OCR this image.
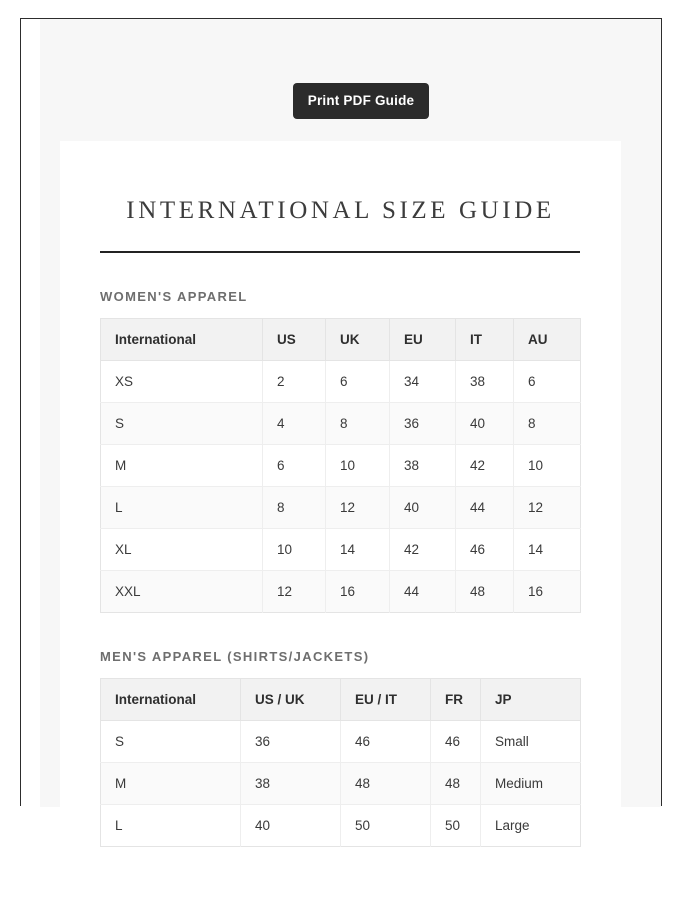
Print PDF Guide
INTERNATIONAL SIZE GUIDE
WOMEN'S APPAREL
International	US	UK	EU	IT	AU
XS	2	6	34	38	6
S	4	8	36	40	8
M	6	10	38	42	10
L	8	12	40	44	12
XL	10	14	42	46	14
XXL	12	16	44	48	16
MEN'S APPAREL (SHIRTS/JACKETS)
International	US / UK	EU / IT	FR	JP
S	36	46	46	Small
M	38	48	48	Medium
L	40	50	50	Large
